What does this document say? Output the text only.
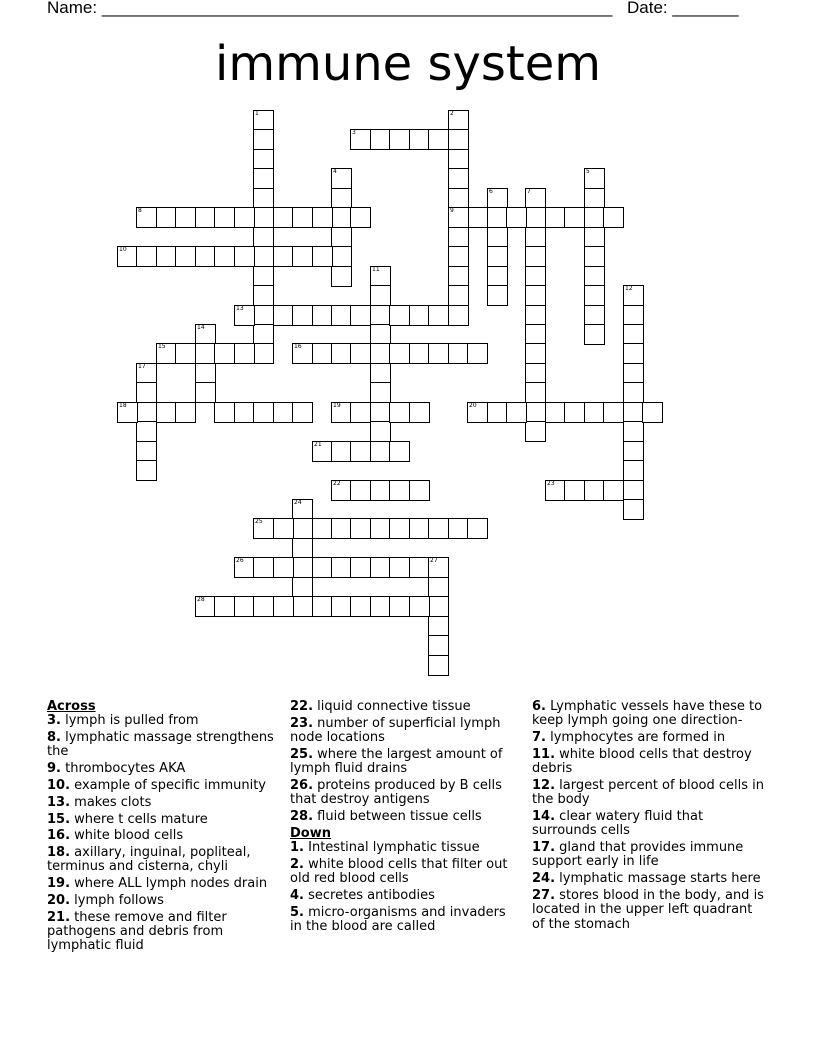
Name: ______________________________________________________ Date: _______
immune system
1	2
3
4	5
6	7
8
10
11
12
13
14
15	16
17
18	19	20
21
22	23
24
25
26	27
28
9
Across
3. lymph is pulled from
8. lymphatic massage strengthens the
9. thrombocytes AKA
10. example of specific immunity
13. makes clots
15. where t cells mature
16. white blood cells
18. axillary, inguinal, popliteal, terminus and cisterna, chyli
19. where ALL lymph nodes drain
20. lymph follows
21. these remove and filter pathogens and debris from lymphatic fluid
22. liquid connective tissue
23. number of superficial lymph node locations
25. where the largest amount of lymph fluid drains
26. proteins produced by B cells that destroy antigens
28. fluid between tissue cells
Down
1. Intestinal lymphatic tissue
2. white blood cells that filter out old red blood cells
4. secretes antibodies
5. micro-organisms and invaders in the blood are called
6. Lymphatic vessels have these to keep lymph going one direction-
7. lymphocytes are formed in
11. white blood cells that destroy debris
12. largest percent of blood cells in the body
14. clear watery fluid that surrounds cells
17. gland that provides immune support early in life
24. lymphatic massage starts here
27. stores blood in the body, and is located in the upper left quadrant of the stomach
